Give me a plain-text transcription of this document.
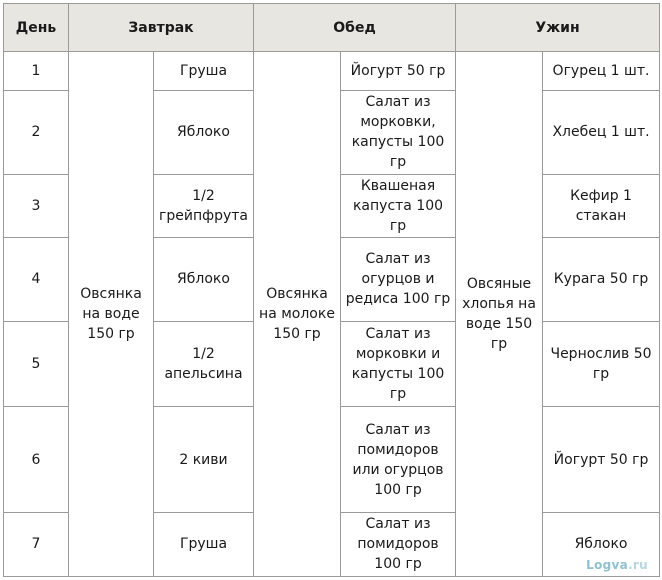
День	Завтрак		Обед		Ужин	
1	Овсянка на воде 150 гр	Груша	Овсянка на молоке 150 гр	Йогурт 50 гр	Овсяные хлопья на воде 150 гр	Огурец 1 шт.
2		Яблоко		Салат из морковки, капусты 100 гр		Хлебец 1 шт.
3		1/2 грейпфрута		Квашеная капуста 100 гр		Кефир 1 стакан
4		Яблоко		Салат из огурцов и редиса 100 гр		Курага 50 гр
5		1/2 апельсина		Салат из морковки и капусты 100 гр		Чернослив 50 гр
6		2 киви		Салат из помидоров или огурцов 100 гр		Йогурт 50 гр
7		Груша		Салат из помидоров 100 гр		Яблоко
Logva.ru
